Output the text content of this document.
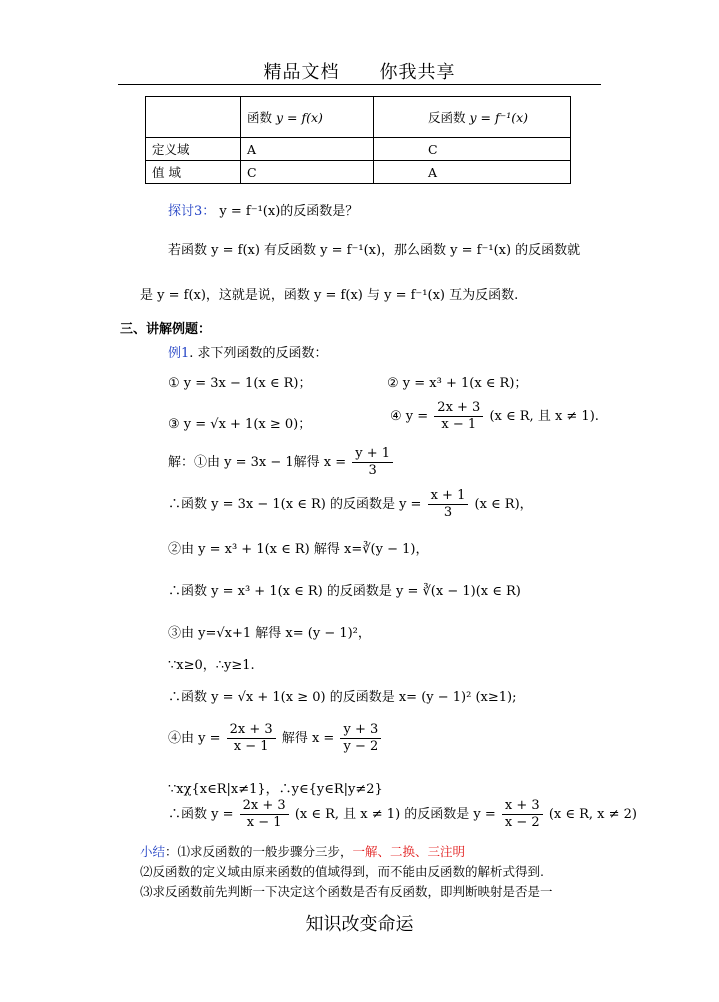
精品文档 你我共享
	函数 y = f(x)	反函数 y = f⁻¹(x)
定义域	A	C
值 域	C	A
探讨3： y = f⁻¹(x)的反函数是？
若函数 y = f(x) 有反函数 y = f⁻¹(x)，那么函数 y = f⁻¹(x) 的反函数就
是 y = f(x)，这就是说，函数 y = f(x) 与 y = f⁻¹(x) 互为反函数.
三、讲解例题：
例1. 求下列函数的反函数：
① y = 3x − 1(x ∈ R)；	② y = x³ + 1(x ∈ R)；
③ y = √x + 1(x ≥ 0)；
④ $y = \frac{2x + 3}{x - 1} (x$ ∈ R, 且 x ≠ 1).
解：①由 y = 3x − 1解得 $x = \frac{y + 1}{3}$
∴函数 y = 3x − 1(x ∈ R) 的反函数是 $y = \frac{x + 1}{3} (x$ ∈ R)，
②由 y = x³ + 1(x ∈ R) 解得 x=∛(y − 1)，
∴函数 y = x³ + 1(x ∈ R) 的反函数是 y = ∛(x − 1)(x ∈ R)
③由 y=√x+1 解得 x= (y − 1)²，
∵x≥0，∴y≥1.
∴函数 y = √x + 1(x ≥ 0) 的反函数是 x= (y − 1)² (x≥1);
④由 $y = \frac{2x + 3}{x - 1}$ 解得 $x = \frac{y + 3}{y - 2}$
∵xχ{x∈R|x≠1}，∴y∈{y∈R|y≠2}
∴函数 $y = \frac{2x + 3}{x - 1} (x$ ∈ R, 且 x ≠ 1) 的反函数是 $y = \frac{x + 3}{x - 2} (x$ ∈ R, x ≠ 2)
小结：⑴求反函数的一般步骤分三步，一解、二换、三注明
⑵反函数的定义域由原来函数的值域得到，而不能由反函数的解析式得到.
⑶求反函数前先判断一下决定这个函数是否有反函数，即判断映射是否是一
知识改变命运
